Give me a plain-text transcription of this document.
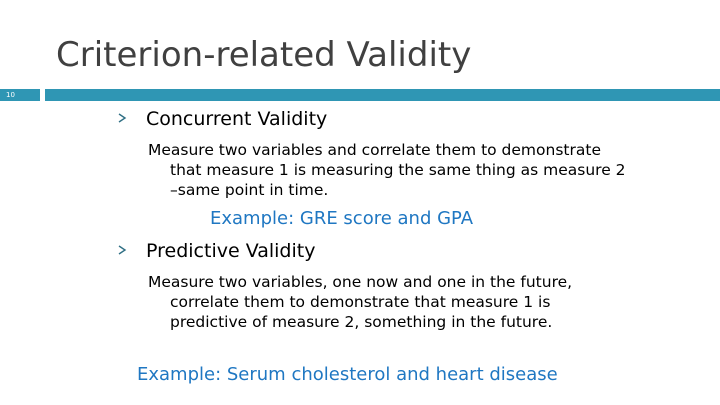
Criterion-related Validity
10
Concurrent Validity
Measure two variables and correlate them to demonstrate that measure 1 is measuring the same thing as measure 2 –same point in time.
Example: GRE score and GPA
Predictive Validity
Measure two variables, one now and one in the future, correlate them to demonstrate that measure 1 is predictive of measure 2, something in the future.
Example: Serum cholesterol and heart disease
